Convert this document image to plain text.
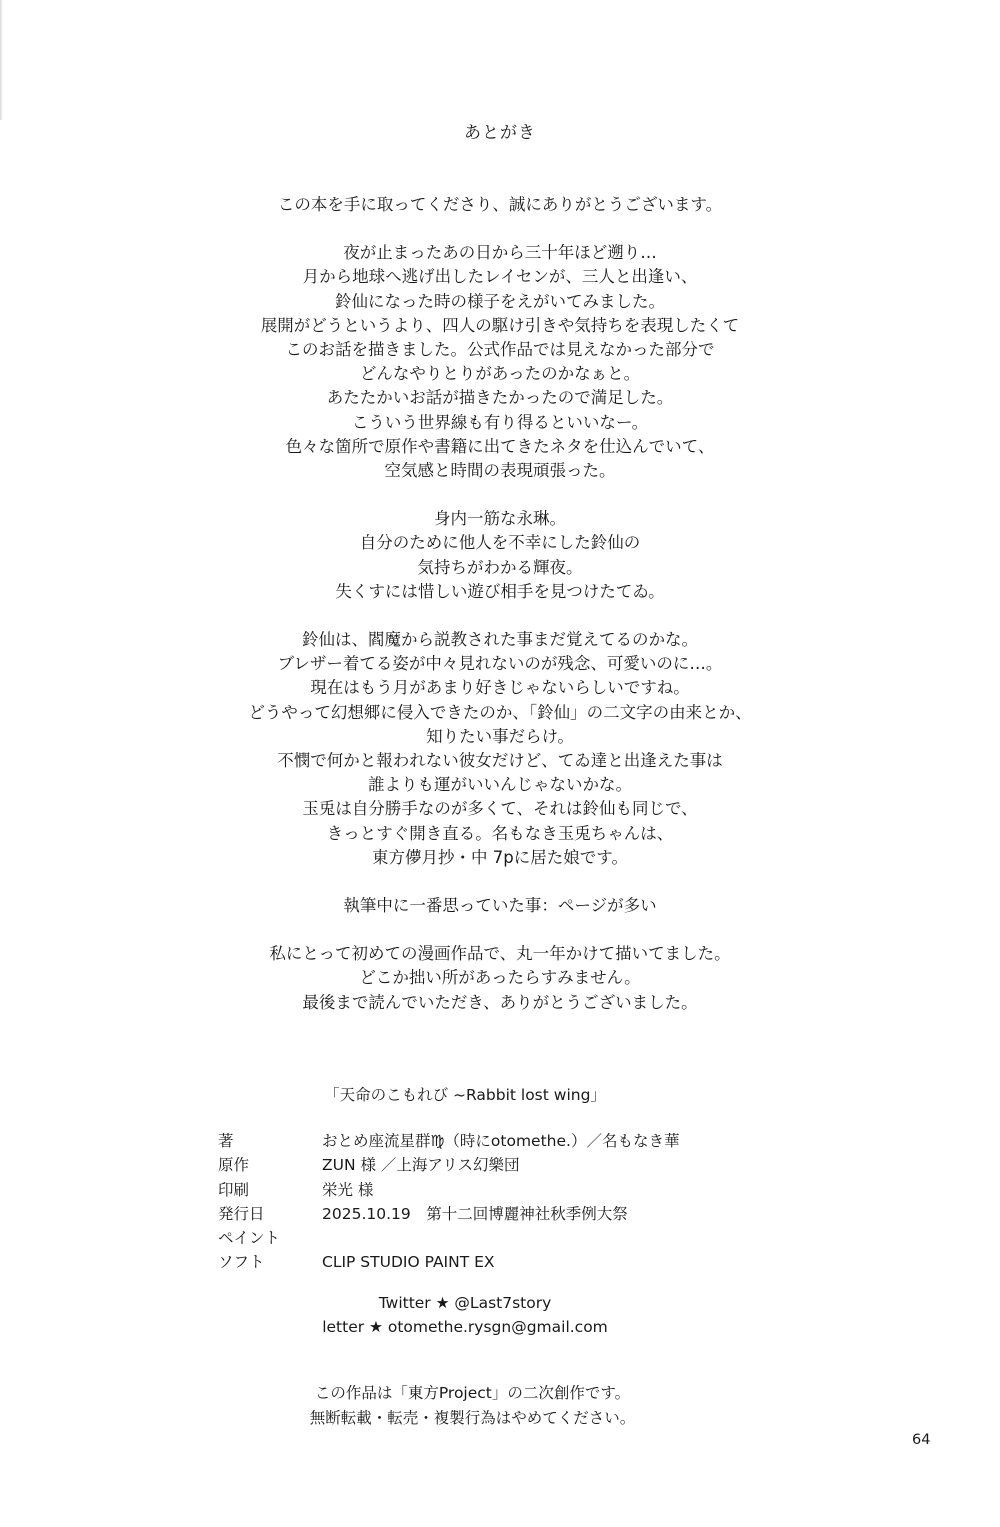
あとがき
この本を手に取ってくださり、誠にありがとうございます。
夜が止まったあの日から三十年ほど遡り…
月から地球へ逃げ出したレイセンが、三人と出逢い、
鈴仙になった時の様子をえがいてみました。
展開がどうというより、四人の駆け引きや気持ちを表現したくて
このお話を描きました。公式作品では見えなかった部分で
どんなやりとりがあったのかなぁと。
あたたかいお話が描きたかったので満足した。
こういう世界線も有り得るといいなー。
色々な箇所で原作や書籍に出てきたネタを仕込んでいて、
空気感と時間の表現頑張った。
身内一筋な永琳。
自分のために他人を不幸にした鈴仙の
気持ちがわかる輝夜。
失くすには惜しい遊び相手を見つけたてゐ。
鈴仙は、閻魔から説教された事まだ覚えてるのかな。
ブレザー着てる姿が中々見れないのが残念、可愛いのに…。
現在はもう月があまり好きじゃないらしいですね。
どうやって幻想郷に侵入できたのか、「鈴仙」の二文字の由来とか、
知りたい事だらけ。
不憫で何かと報われない彼女だけど、てゐ達と出逢えた事は
誰よりも運がいいんじゃないかな。
玉兎は自分勝手なのが多くて、それは鈴仙も同じで、
きっとすぐ開き直る。名もなき玉兎ちゃんは、
東方儚月抄・中 7pに居た娘です。
執筆中に一番思っていた事：ページが多い
私にとって初めての漫画作品で、丸一年かけて描いてました。
どこか拙い所があったらすみません。
最後まで読んでいただき、ありがとうございました。
「天命のこもれび ~Rabbit lost wing」
著	おとめ座流星群♍（時にotomethe.）／名もなき華
原作	ZUN 様 ／上海アリス幻樂団
印刷	栄光 様
発行日	2025.10.19　第十二回博麗神社秋季例大祭
ペイント
ソフト	CLIP STUDIO PAINT EX
Twitter ★ @Last7story
letter ★ otomethe.rysgn@gmail.com
この作品は「東方Project」の二次創作です。
無断転載・転売・複製行為はやめてください。
64
